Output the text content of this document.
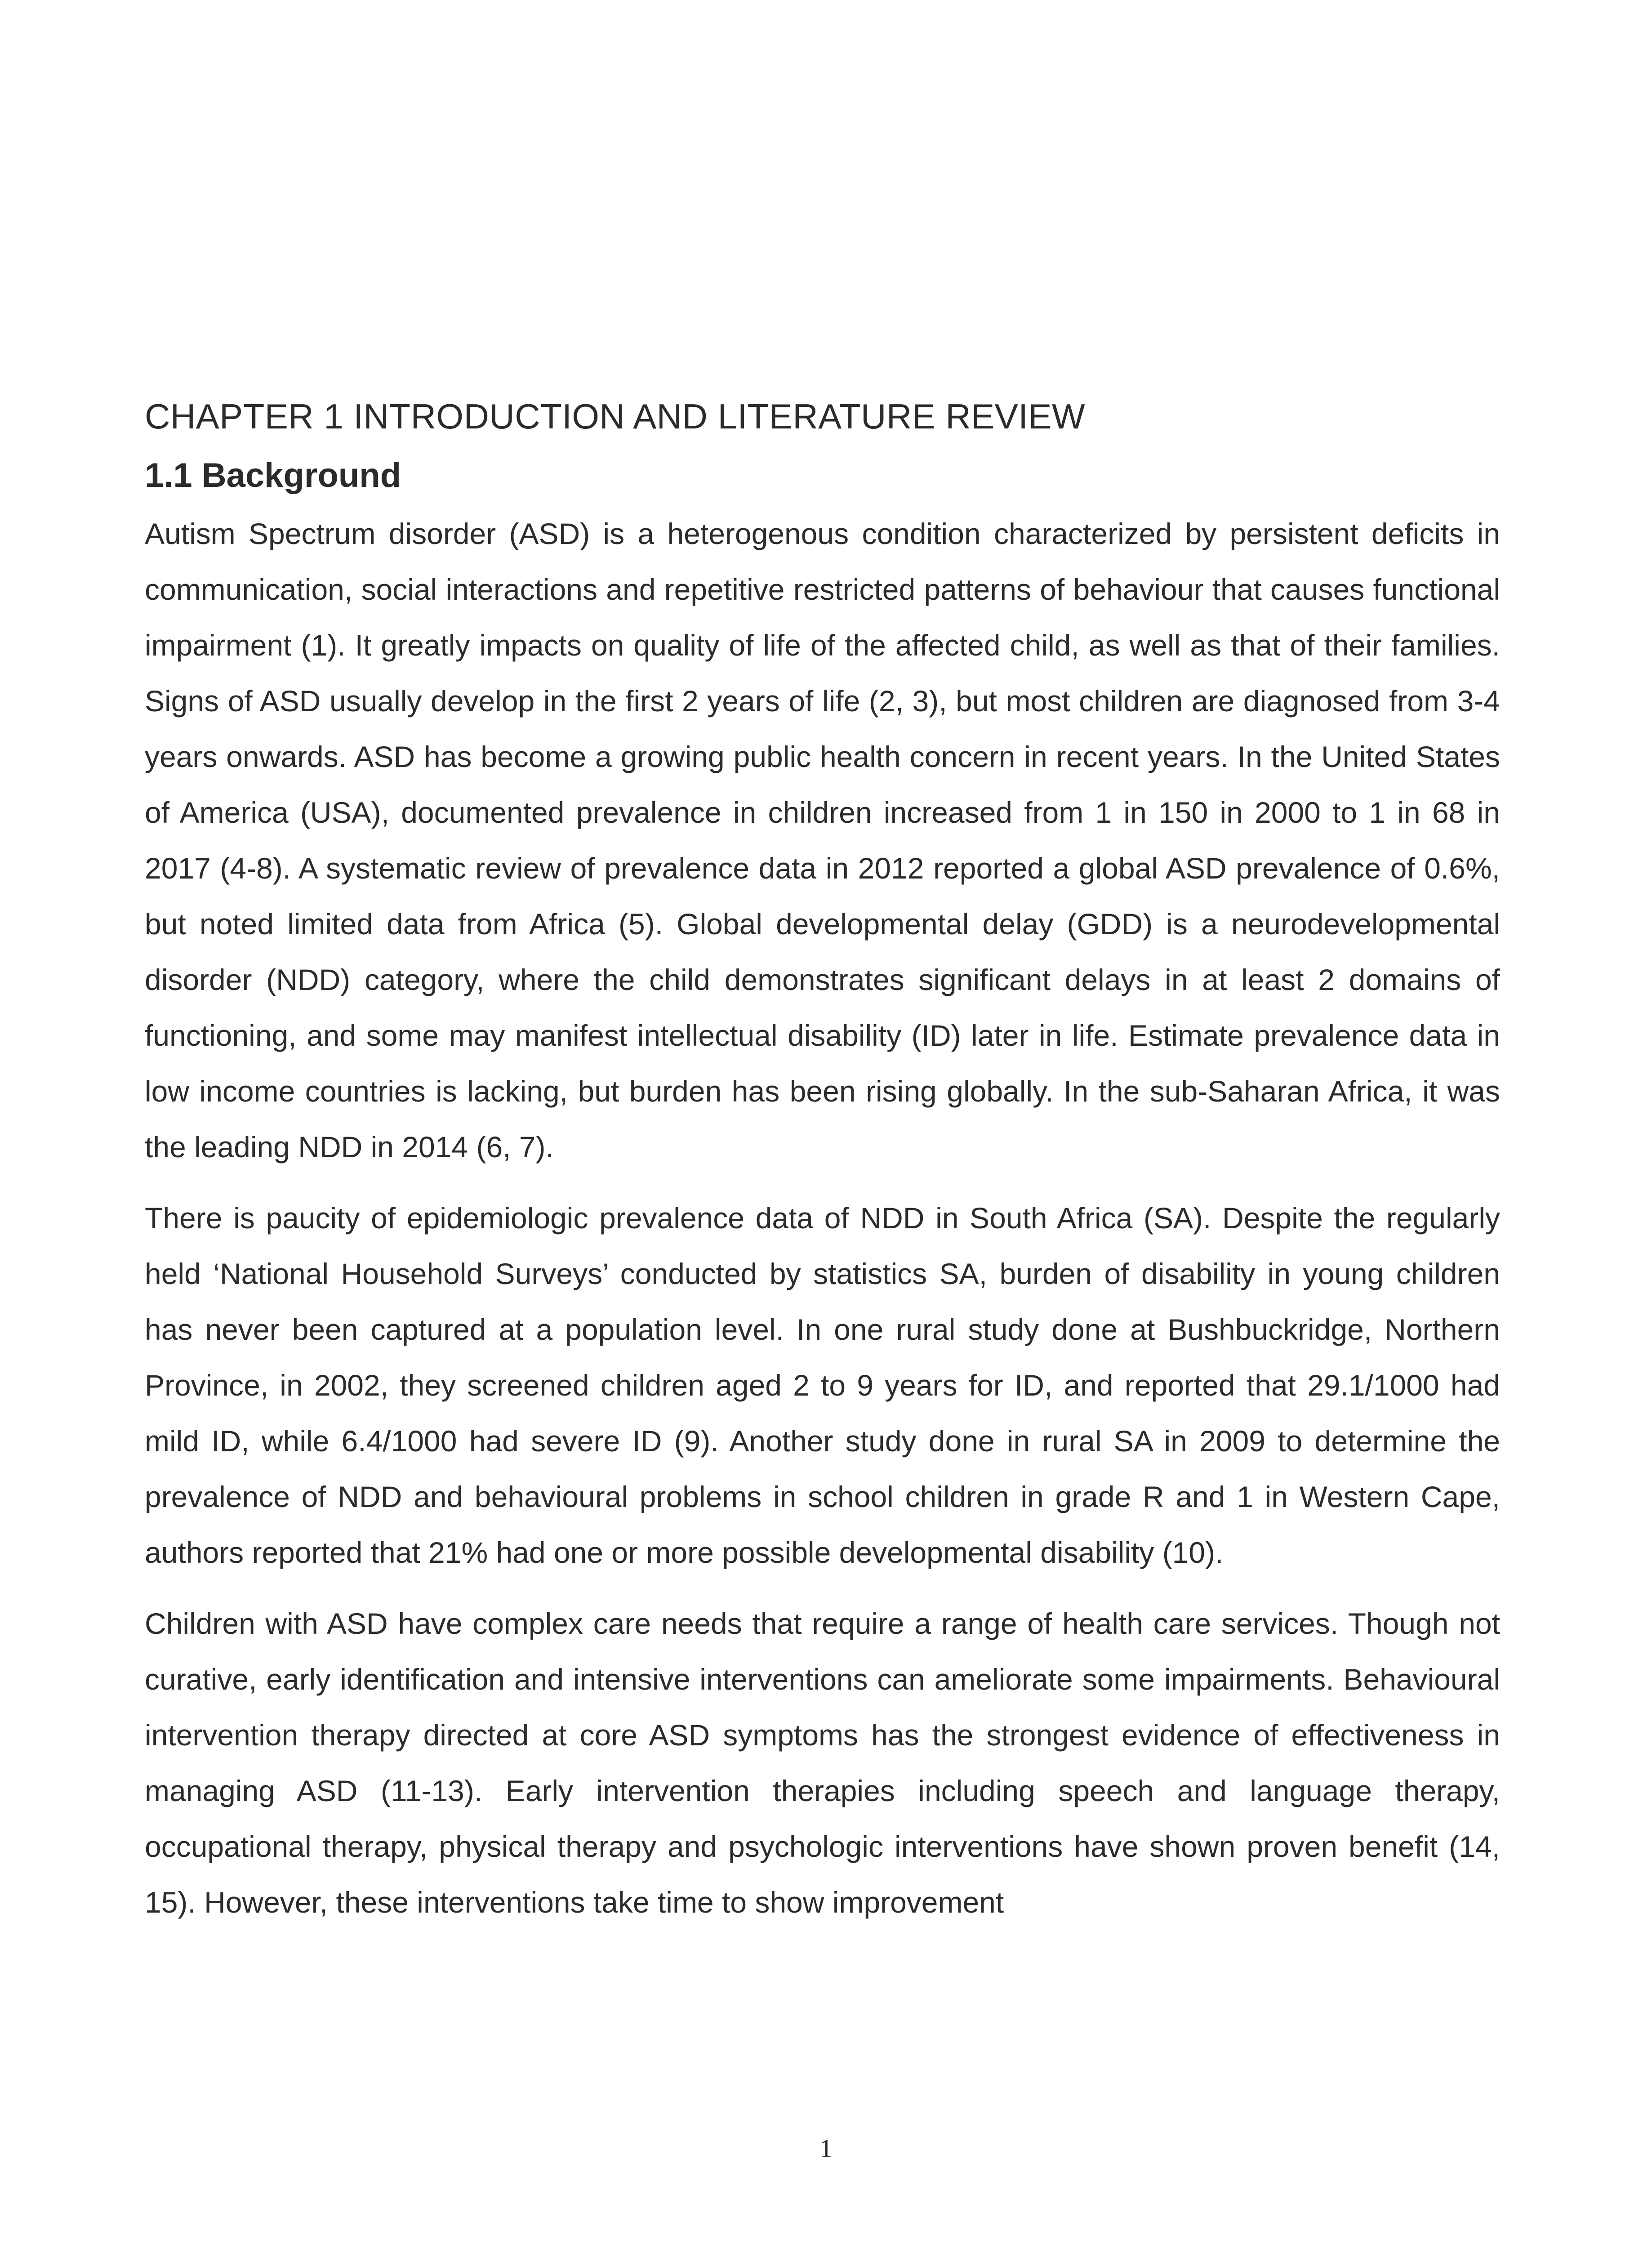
CHAPTER 1 INTRODUCTION AND LITERATURE REVIEW
1.1 Background

Autism Spectrum disorder (ASD) is a heterogenous condition characterized by persistent deficits in communication, social interactions and repetitive restricted patterns of behaviour that causes functional impairment (1). It greatly impacts on quality of life of the affected child, as well as that of their families. Signs of ASD usually develop in the first 2 years of life (2, 3), but most children are diagnosed from 3-4 years onwards. ASD has become a growing public health concern in recent years. In the United States of America (USA), documented prevalence in children increased from 1 in 150 in 2000 to 1 in 68 in 2017 (4-8). A systematic review of prevalence data in 2012 reported a global ASD prevalence of 0.6%, but noted limited data from Africa (5). Global developmental delay (GDD) is a neurodevelopmental disorder (NDD) category, where the child demonstrates significant delays in at least 2 domains of functioning, and some may manifest intellectual disability (ID) later in life. Estimate prevalence data in low income countries is lacking, but burden has been rising globally. In the sub-Saharan Africa, it was the leading NDD in 2014 (6, 7).

There is paucity of epidemiologic prevalence data of NDD in South Africa (SA). Despite the regularly held ‘National Household Surveys’ conducted by statistics SA, burden of disability in young children has never been captured at a population level. In one rural study done at Bushbuckridge, Northern Province, in 2002, they screened children aged 2 to 9 years for ID, and reported that 29.1/1000 had mild ID, while 6.4/1000 had severe ID (9). Another study done in rural SA in 2009 to determine the prevalence of NDD and behavioural problems in school children in grade R and 1 in Western Cape, authors reported that 21% had one or more possible developmental disability (10).

Children with ASD have complex care needs that require a range of health care services. Though not curative, early identification and intensive interventions can ameliorate some impairments. Behavioural intervention therapy directed at core ASD symptoms has the strongest evidence of effectiveness in managing ASD (11-13). Early intervention therapies including speech and language therapy, occupational therapy, physical therapy and psychologic interventions have shown proven benefit (14, 15). However, these interventions take time to show improvement

1
